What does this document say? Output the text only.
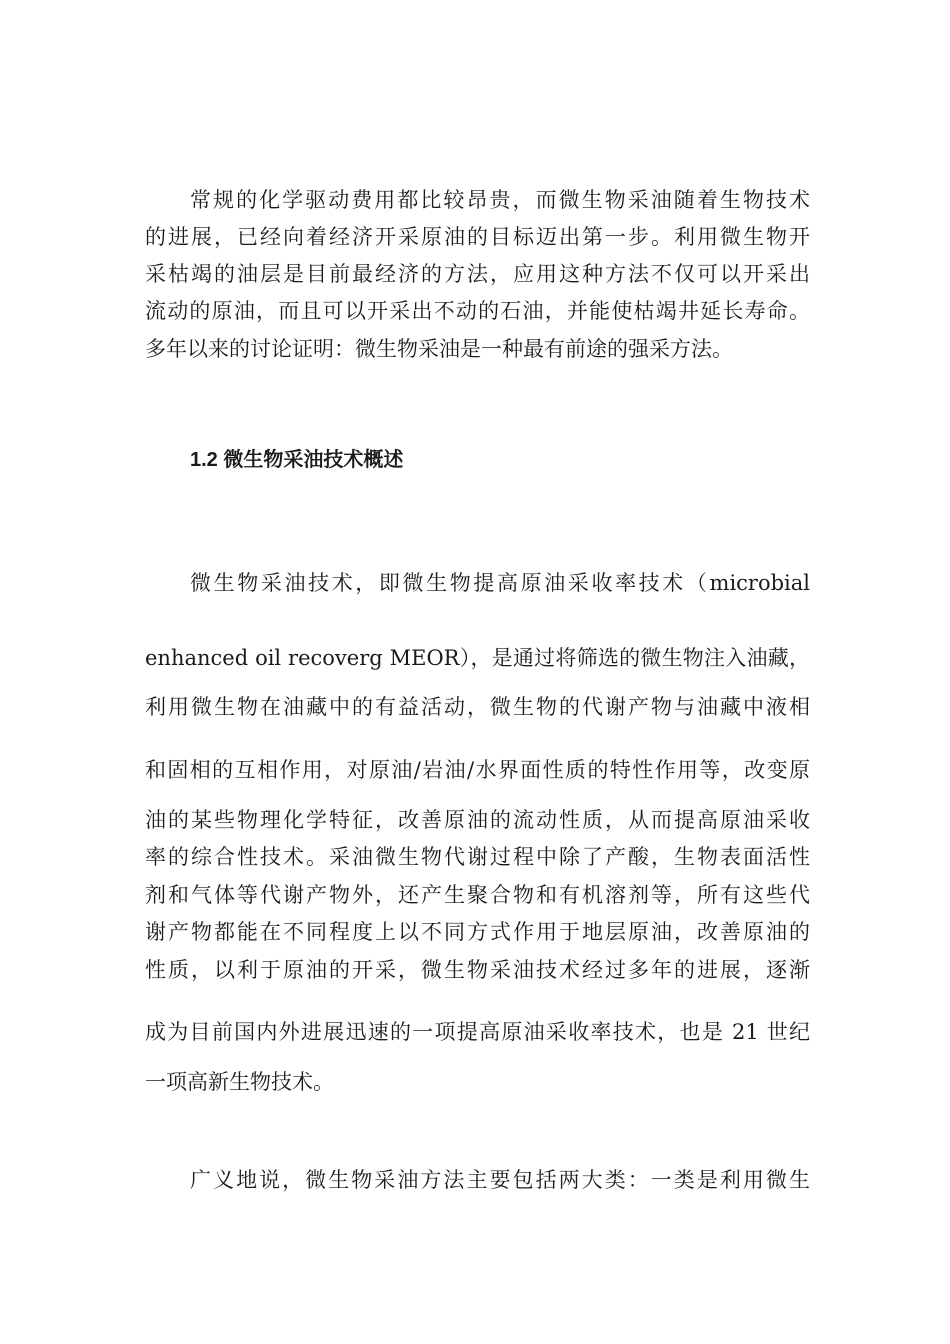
常规的化学驱动费用都比较昂贵，而微生物采油随着生物技术
的进展，已经向着经济开采原油的目标迈出第一步。利用微生物开
采枯竭的油层是目前最经济的方法，应用这种方法不仅可以开采出
流动的原油，而且可以开采出不动的石油，并能使枯竭井延长寿命。
多年以来的讨论证明：微生物采油是一种最有前途的强采方法。
1.2 微生物采油技术概述
微生物采油技术，即微生物提高原油采收率技术（microbial
enhanced oil recoverg MEOR），是通过将筛选的微生物注入油藏，
利用微生物在油藏中的有益活动，微生物的代谢产物与油藏中液相
和固相的互相作用，对原油/岩油/水界面性质的特性作用等，改变原
油的某些物理化学特征，改善原油的流动性质，从而提高原油采收
率的综合性技术。采油微生物代谢过程中除了产酸，生物表面活性
剂和气体等代谢产物外，还产生聚合物和有机溶剂等，所有这些代
谢产物都能在不同程度上以不同方式作用于地层原油，改善原油的
性质，以利于原油的开采，微生物采油技术经过多年的进展，逐渐
成为目前国内外进展迅速的一项提高原油采收率技术，也是 21 世纪
一项高新生物技术。
广义地说，微生物采油方法主要包括两大类：一类是利用微生
